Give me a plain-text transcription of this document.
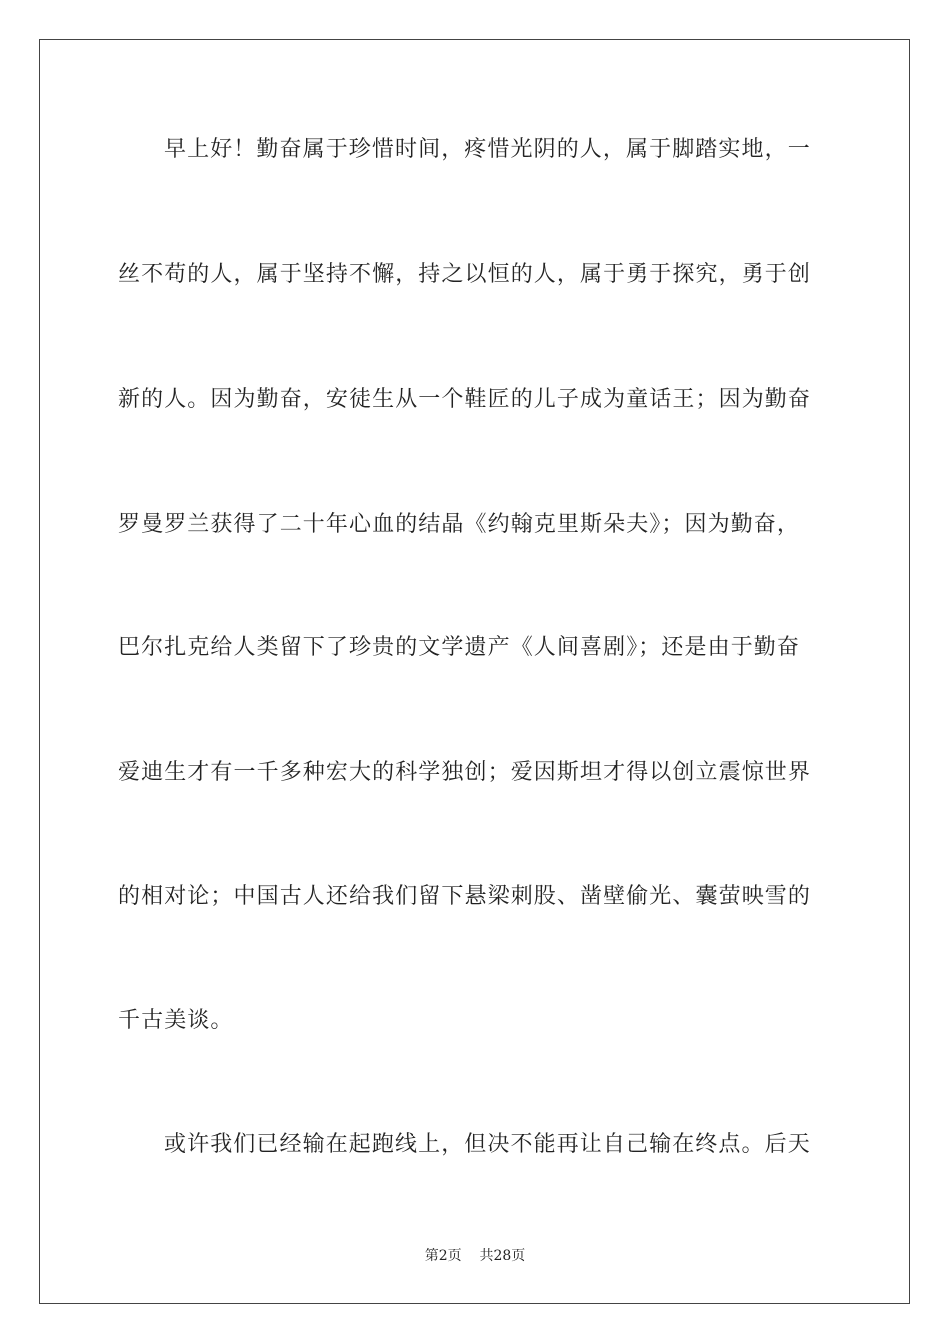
早上好！勤奋属于珍惜时间，疼惜光阴的人，属于脚踏实地，一
丝不苟的人，属于坚持不懈，持之以恒的人，属于勇于探究，勇于创
新的人。因为勤奋，安徒生从一个鞋匠的儿子成为童话王；因为勤奋
罗曼罗兰获得了二十年心血的结晶《约翰克里斯朵夫》；因为勤奋，
巴尔扎克给人类留下了珍贵的文学遗产《人间喜剧》；还是由于勤奋
爱迪生才有一千多种宏大的科学独创；爱因斯坦才得以创立震惊世界
的相对论；中国古人还给我们留下悬梁刺股、凿壁偷光、囊萤映雪的
千古美谈。
或许我们已经输在起跑线上，但决不能再让自己输在终点。后天
第2页 共28页
